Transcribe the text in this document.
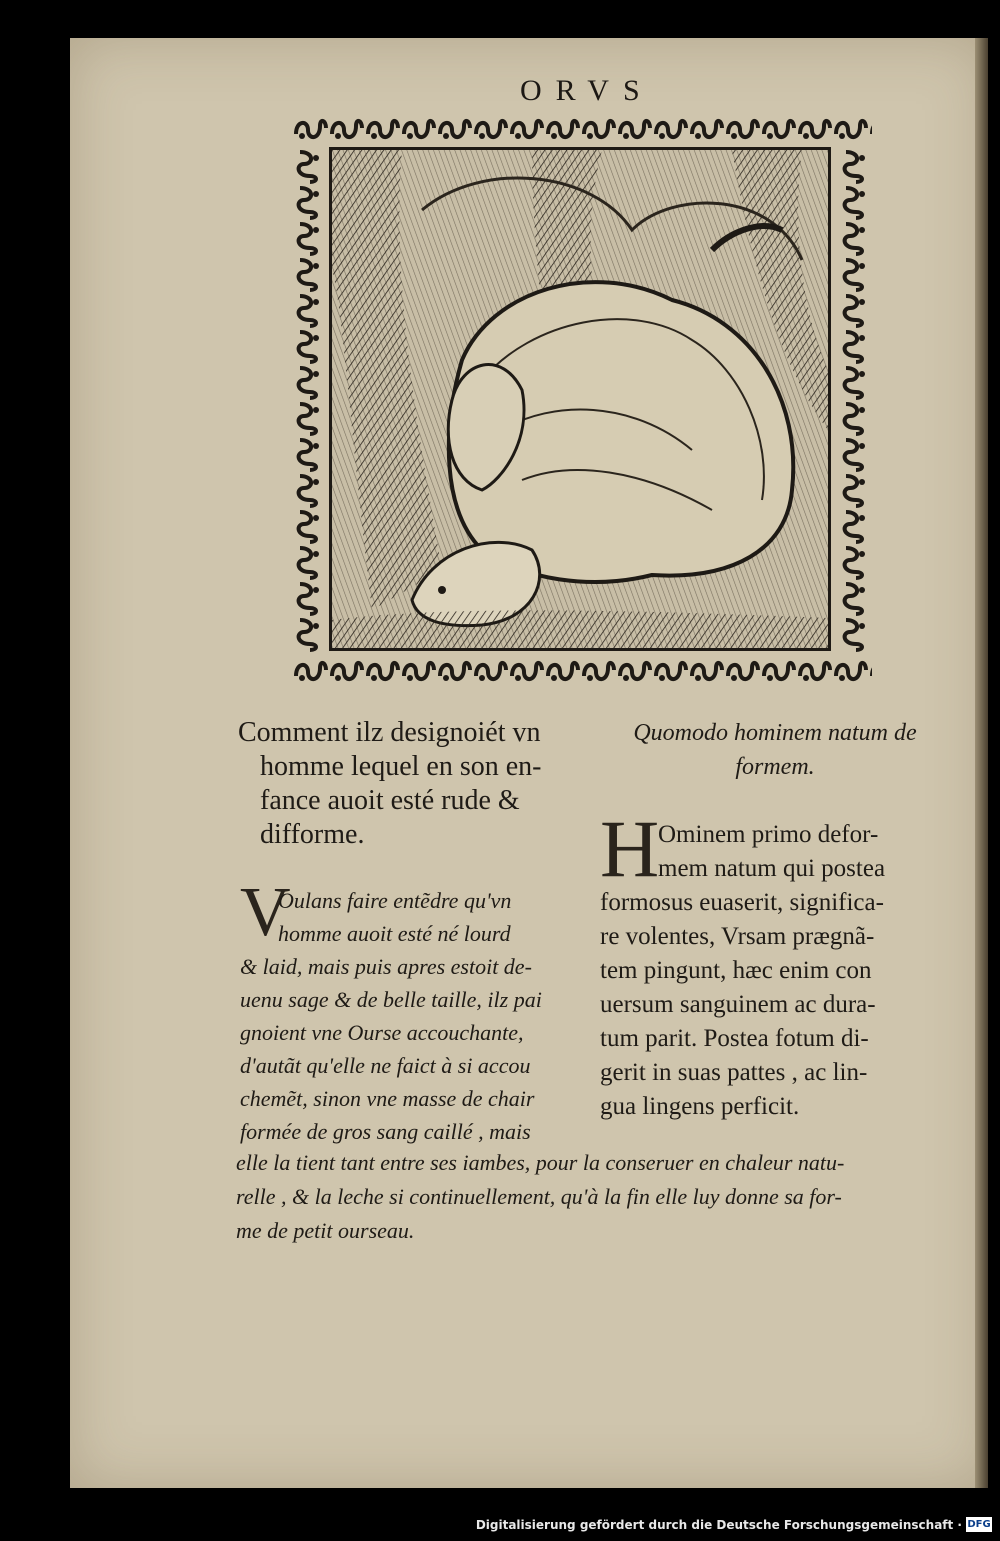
ORVS
Comment ilz designoiét vn
homme lequel en son en-
fance auoit esté rude &
difforme.
Quomodo hominem natum de
formem.
H
Ominem primo defor-
mem natum qui postea
formosus euaserit, significa-
re volentes, Vrsam prægnã-
tem pingunt, hæc enim con
uersum sanguinem ac dura-
tum parit. Postea fotum di-
gerit in suas pattes , ac lin-
gua lingens perficit.
V
Oulans faire entẽdre qu'vn
homme auoit esté né lourd
& laid, mais puis apres estoit de-
uenu sage & de belle taille, ilz pai
gnoient vne Ourse accouchante,
d'autãt qu'elle ne faict à si accou
chemẽt, sinon vne masse de chair
formée de gros sang caillé , mais
elle la tient tant entre ses iambes, pour la conseruer en chaleur natu-
relle , & la leche si continuellement, qu'à la fin elle luy donne sa for-
me de petit ourseau.
Digitalisierung gefördert durch die Deutsche Forschungsgemeinschaft · DFG
